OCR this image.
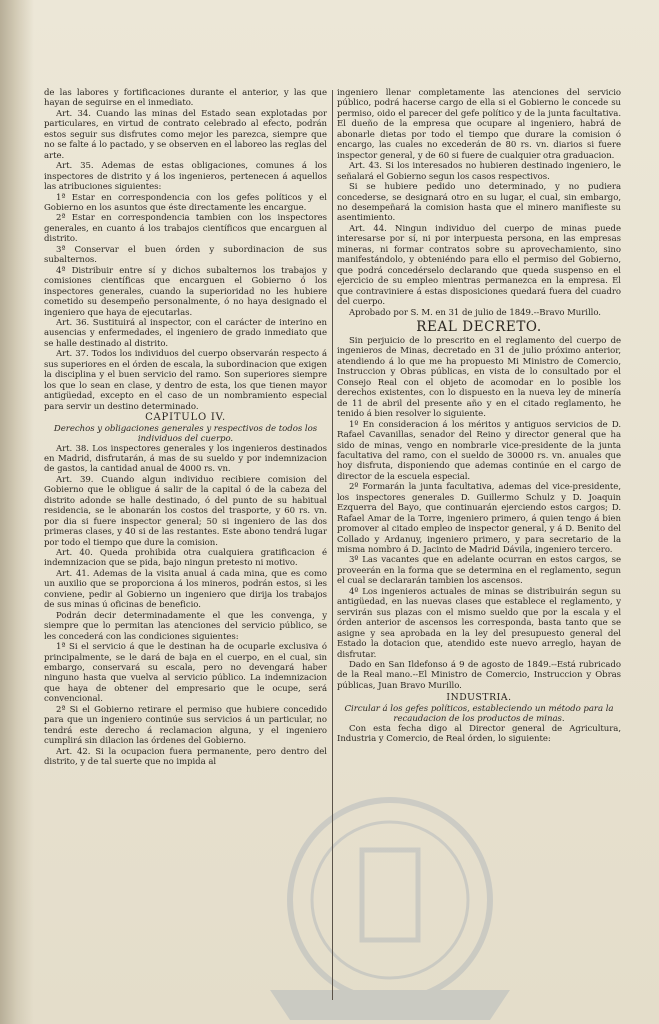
de las labores y fortificaciones durante el anterior, y las que hayan de seguirse en el inmediato.

Art. 34. Cuando las minas del Estado sean explotadas por particulares, en virtud de contrato celebrado al efecto, podrán estos seguir sus disfrutes como mejor les parezca, siempre que no se falte á lo pactado, y se observen en el laboreo las reglas del arte.

Art. 35. Ademas de estas obligaciones, comunes á los inspectores de distrito y á los ingenieros, pertenecen á aquellos las atribuciones siguientes:

1ª Estar en correspondencia con los gefes políticos y el Gobierno en los asuntos que éste directamente les encargue.

2ª Estar en correspondencia tambien con los inspectores generales, en cuanto á los trabajos científicos que encarguen al distrito.

3ª Conservar el buen órden y subordinacion de sus subalternos.

4ª Distribuir entre sí y dichos subalternos los trabajos y comisiones científicas que encarguen el Gobierno ó los inspectores generales, cuando la superioridad no les hubiere cometido su desempeño personalmente, ó no haya designado el ingeniero que haya de ejecutarlas.

Art. 36. Sustituirá al inspector, con el carácter de interino en ausencias y enfermedades, el ingeniero de grado inmediato que se halle destinado al distrito.

Art. 37. Todos los individuos del cuerpo observarán respecto á sus superiores en el órden de escala, la subordinacion que exigen la disciplina y el buen servicio del ramo. Son superiores siempre los que lo sean en clase, y dentro de esta, los que tienen mayor antigüedad, excepto en el caso de un nombramiento especial para servir un destino determinado.

CAPITULO IV.

Derechos y obligaciones generales y respectivos de todos los individuos del cuerpo.

Art. 38. Los inspectores generales y los ingenieros destinados en Madrid, disfrutarán, á mas de su sueldo y por indemnizacion de gastos, la cantidad anual de 4000 rs. vn.

Art. 39. Cuando algun individuo recibiere comision del Gobierno que le obligue á salir de la capital ó de la cabeza del distrito adonde se halle destinado, ó del punto de su habitual residencia, se le abonarán los costos del trasporte, y 60 rs. vn. por dia si fuere inspector general; 50 si ingeniero de las dos primeras clases, y 40 si de las restantes. Este abono tendrá lugar por todo el tiempo que dure la comision.

Art. 40. Queda prohibida otra cualquiera gratificacion é indemnizacion que se pida, bajo ningun pretesto ni motivo.

Art. 41. Ademas de la visita anual á cada mina, que es como un auxilio que se proporciona á los mineros, podrán estos, si les conviene, pedir al Gobierno un ingeniero que dirija los trabajos de sus minas ú oficinas de beneficio.

Podrán decir determinadamente el que les convenga, y siempre que lo permitan las atenciones del servicio público, se les concederá con las condiciones siguientes:

1ª Si el servicio á que le destinan ha de ocuparle exclusiva ó principalmente, se le dará de baja en el cuerpo, en el cual, sin embargo, conservará su escala, pero no devengará haber ninguno hasta que vuelva al servicio público. La indemnizacion que haya de obtener del empresario que le ocupe, será convencional.

2ª Si el Gobierno retirare el permiso que hubiere concedido para que un ingeniero continúe sus servicios á un particular, no tendrá este derecho á reclamacion alguna, y el ingeniero cumplirá sin dilacion las órdenes del Gobierno.

Art. 42. Si la ocupacion fuera permanente, pero dentro del distrito, y de tal suerte que no impida al

ingeniero llenar completamente las atenciones del servicio público, podrá hacerse cargo de ella si el Gobierno le concede su permiso, oido el parecer del gefe político y de la junta facultativa. El dueño de la empresa que ocupare al ingeniero, habrá de abonarle dietas por todo el tiempo que durare la comision ó encargo, las cuales no excederán de 80 rs. vn. diarios si fuere inspector general, y de 60 si fuere de cualquier otra graduacion.

Art. 43. Si los interesados no hubieren destinado ingeniero, le señalará el Gobierno segun los casos respectivos.

Si se hubiere pedido uno determinado, y no pudiera concederse, se designará otro en su lugar, el cual, sin embargo, no desempeñará la comision hasta que el minero manifieste su asentimiento.

Art. 44. Ningun individuo del cuerpo de minas puede interesarse por sí, ni por interpuesta persona, en las empresas mineras, ni formar contratos sobre su aprovechamiento, sino manifestándolo, y obteniéndo para ello el permiso del Gobierno, que podrá concedérselo declarando que queda suspenso en el ejercicio de su empleo mientras permanezca en la empresa. El que contraviniere á estas disposiciones quedará fuera del cuadro del cuerpo.

Aprobado por S. M. en 31 de julio de 1849.--Bravo Murillo.

REAL DECRETO.

Sin perjuicio de lo prescrito en el reglamento del cuerpo de ingenieros de Minas, decretado en 31 de julio próximo anterior, atendiendo á lo que me ha propuesto Mi Ministro de Comercio, Instruccion y Obras públicas, en vista de lo consultado por el Consejo Real con el objeto de acomodar en lo posible los derechos existentes, con lo dispuesto en la nueva ley de minería de 11 de abril del presente año y en el citado reglamento, he tenido á bien resolver lo siguiente.

1º En consideracion á los méritos y antiguos servicios de D. Rafael Cavanillas, senador del Reino y director general que ha sido de minas, vengo en nombrarle vice-presidente de la junta facultativa del ramo, con el sueldo de 30000 rs. vn. anuales que hoy disfruta, disponiendo que ademas continúe en el cargo de director de la escuela especial.

2º Formarán la junta facultativa, ademas del vice-presidente, los inspectores generales D. Guillermo Schulz y D. Joaquin Ezquerra del Bayo, que continuarán ejerciendo estos cargos; D. Rafael Amar de la Torre, ingeniero primero, á quien tengo á bien promover al citado empleo de inspector general, y á D. Benito del Collado y Ardanuy, ingeniero primero, y para secretario de la misma nombro á D. Jacinto de Madrid Dávila, ingeniero tercero.

3º Las vacantes que en adelante ocurran en estos cargos, se proveerán en la forma que se determina en el reglamento, segun el cual se declararán tambien los ascensos.

4º Los ingenieros actuales de minas se distribuirán segun su antigüedad, en las nuevas clases que establece el reglamento, y servirán sus plazas con el mismo sueldo que por la escala y el órden anterior de ascensos les corresponda, basta tanto que se asigne y sea aprobada en la ley del presupuesto general del Estado la dotacion que, atendido este nuevo arreglo, hayan de disfrutar.

Dado en San Ildefonso á 9 de agosto de 1849.--Está rubricado de la Real mano.--El Ministro de Comercio, Instruccion y Obras públicas, Juan Bravo Murillo.

INDUSTRIA.

Circular á los gefes políticos, estableciendo un método para la recaudacion de los productos de minas.

Con esta fecha digo al Director general de Agricultura, Industria y Comercio, de Real órden, lo siguiente:
